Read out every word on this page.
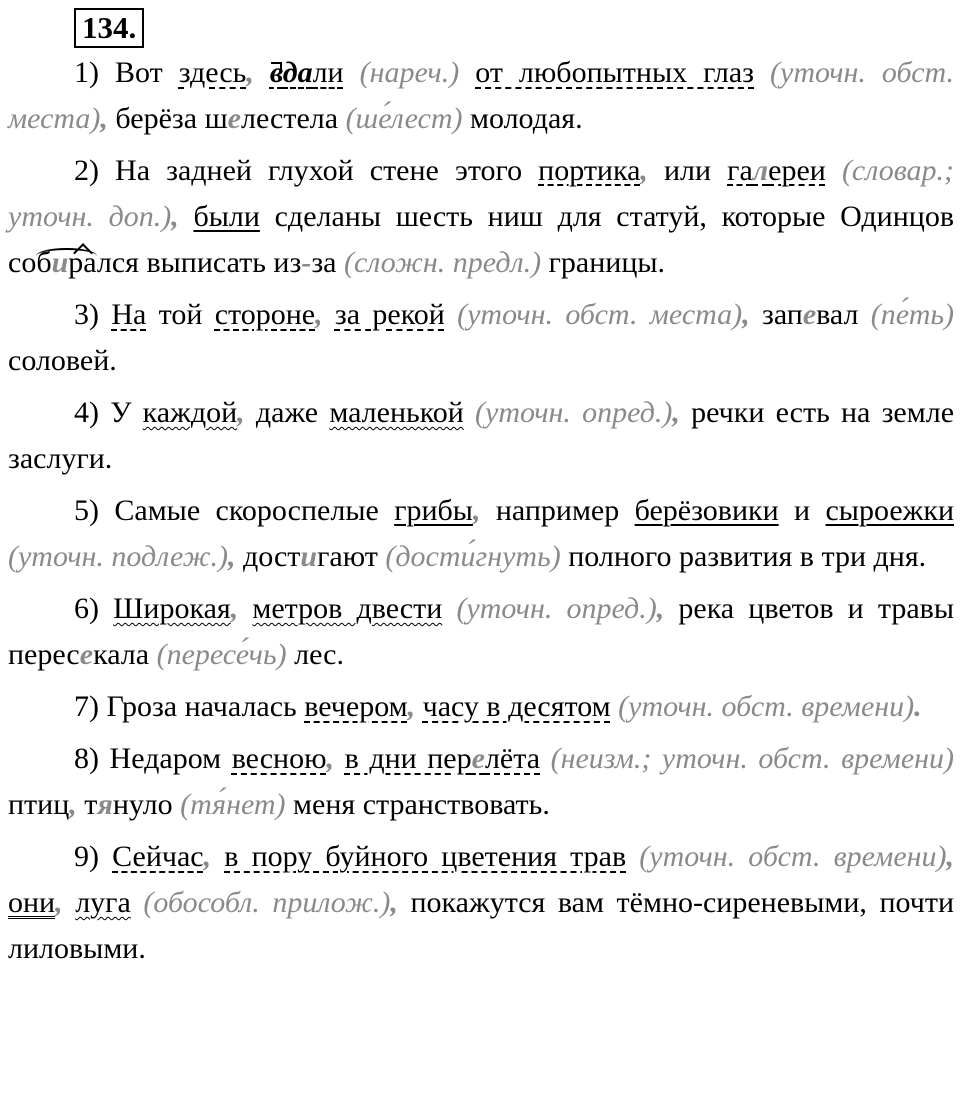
134.

1) Вот здесь, вдали (нареч.) от любопытных глаз (уточн. обст. места), берёза шелестела (ше́лест) молодая.

2) На задней глухой стене этого портика, или галереи (словар.; уточн. доп.), были сделаны шесть ниш для статуй, которые Одинцов собирался выписать из-за (сложн. предл.) границы.

3) На той стороне, за рекой (уточн. обст. места), запевал (пе́ть) соловей.

4) У каждой, даже маленькой (уточн. опред.), речки есть на земле заслуги.

5) Самые скороспелые грибы, например берёзовики и сыроежки (уточн. подлеж.), достигают (дости́гнуть) полного развития в три дня.

6) Широкая, метров двести (уточн. опред.), река цветов и травы пересекала (пересе́чь) лес.

7) Гроза началась вечером, часу в десятом (уточн. обст. времени).

8) Недаром весною, в дни перелёта (неизм.; уточн. обст. времени) птиц, тянуло (тя́нет) меня странствовать.

9) Сейчас, в пору буйного цветения трав (уточн. обст. времени), они, луга (обособл. прилож.), покажутся вам тёмно-сиреневыми, почти лиловыми.
